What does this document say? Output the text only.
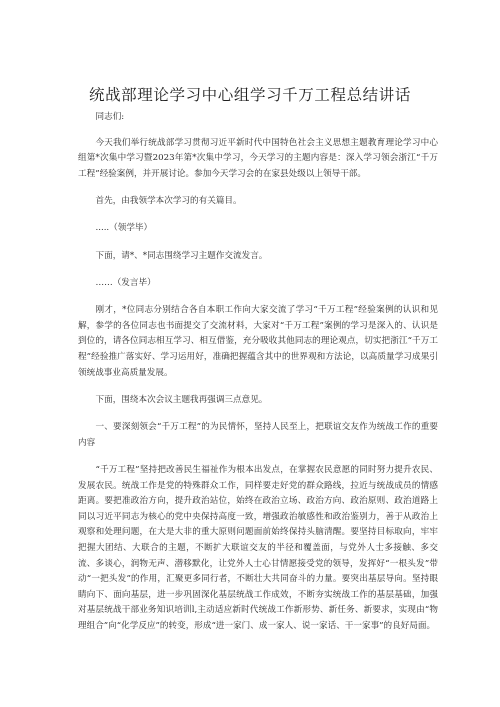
统战部理论学习中心组学习千万工程总结讲话

同志们:

今天我们举行统战部学习贯彻习近平新时代中国特色社会主义思想主题教育理论学习中心组第*次集中学习暨2023年第*次集中学习，今天学习的主题内容是：深入学习领会浙江“千万工程”经验案例，并开展讨论。参加今天学习会的在家县处级以上领导干部。

首先，由我领学本次学习的有关篇目。

.....（领学毕）

下面，请*、*同志围绕学习主题作交流发言。

……（发言毕）

刚才，*位同志分别结合各自本职工作向大家交流了学习“千万工程”经验案例的认识和见解，参学的各位同志也书面提交了交流材料，大家对“千万工程”案例的学习是深入的、认识是到位的，请各位同志相互学习、相互借鉴，充分吸收其他同志的理论观点，切实把浙江“千万工程”经验推广落实好、学习运用好，准确把握蕴含其中的世界观和方法论，以高质量学习成果引领统战事业高质量发展。

下面，围绕本次会议主题我再强调三点意见。

一、要深刻领会“千万工程”的为民情怀，坚持人民至上，把联谊交友作为统战工作的重要内容

“千万工程”坚持把改善民生福祉作为根本出发点，在掌握农民意愿的同时努力提升农民、发展农民。统战工作是党的特殊群众工作，同样要走好党的群众路线，拉近与统战成员的情感距离。要把准政治方向，提升政治站位，始终在政治立场、政治方向、政治原则、政治道路上同以习近平同志为核心的党中央保持高度一致，增强政治敏感性和政治鉴别力，善于从政治上观察和处理问题，在大是大非的重大原则问题面前始终保持头脑清醒。要坚持目标取向，牢牢把握大团结、大联合的主题，不断扩大联谊交友的半径和覆盖面，与党外人士多接触、多交流、多谈心，润物无声、潜移默化，让党外人士心甘情愿接受党的领导，发挥好“一根头发”带动“一把头发”的作用，汇聚更多同行者，不断壮大共同奋斗的力量。要突出基层导向。坚持眼睛向下、面向基层，进一步巩固深化基层统战工作成效，不断夯实统战工作的基层基础，加强对基层统战干部业务知识培训l,主动适应新时代统战工作新形势、新任务、新要求，实现由“物理组合”向“化学反应”的转变，形成“进一家门、成一家人、说一家话、干一家事”的良好局面。
